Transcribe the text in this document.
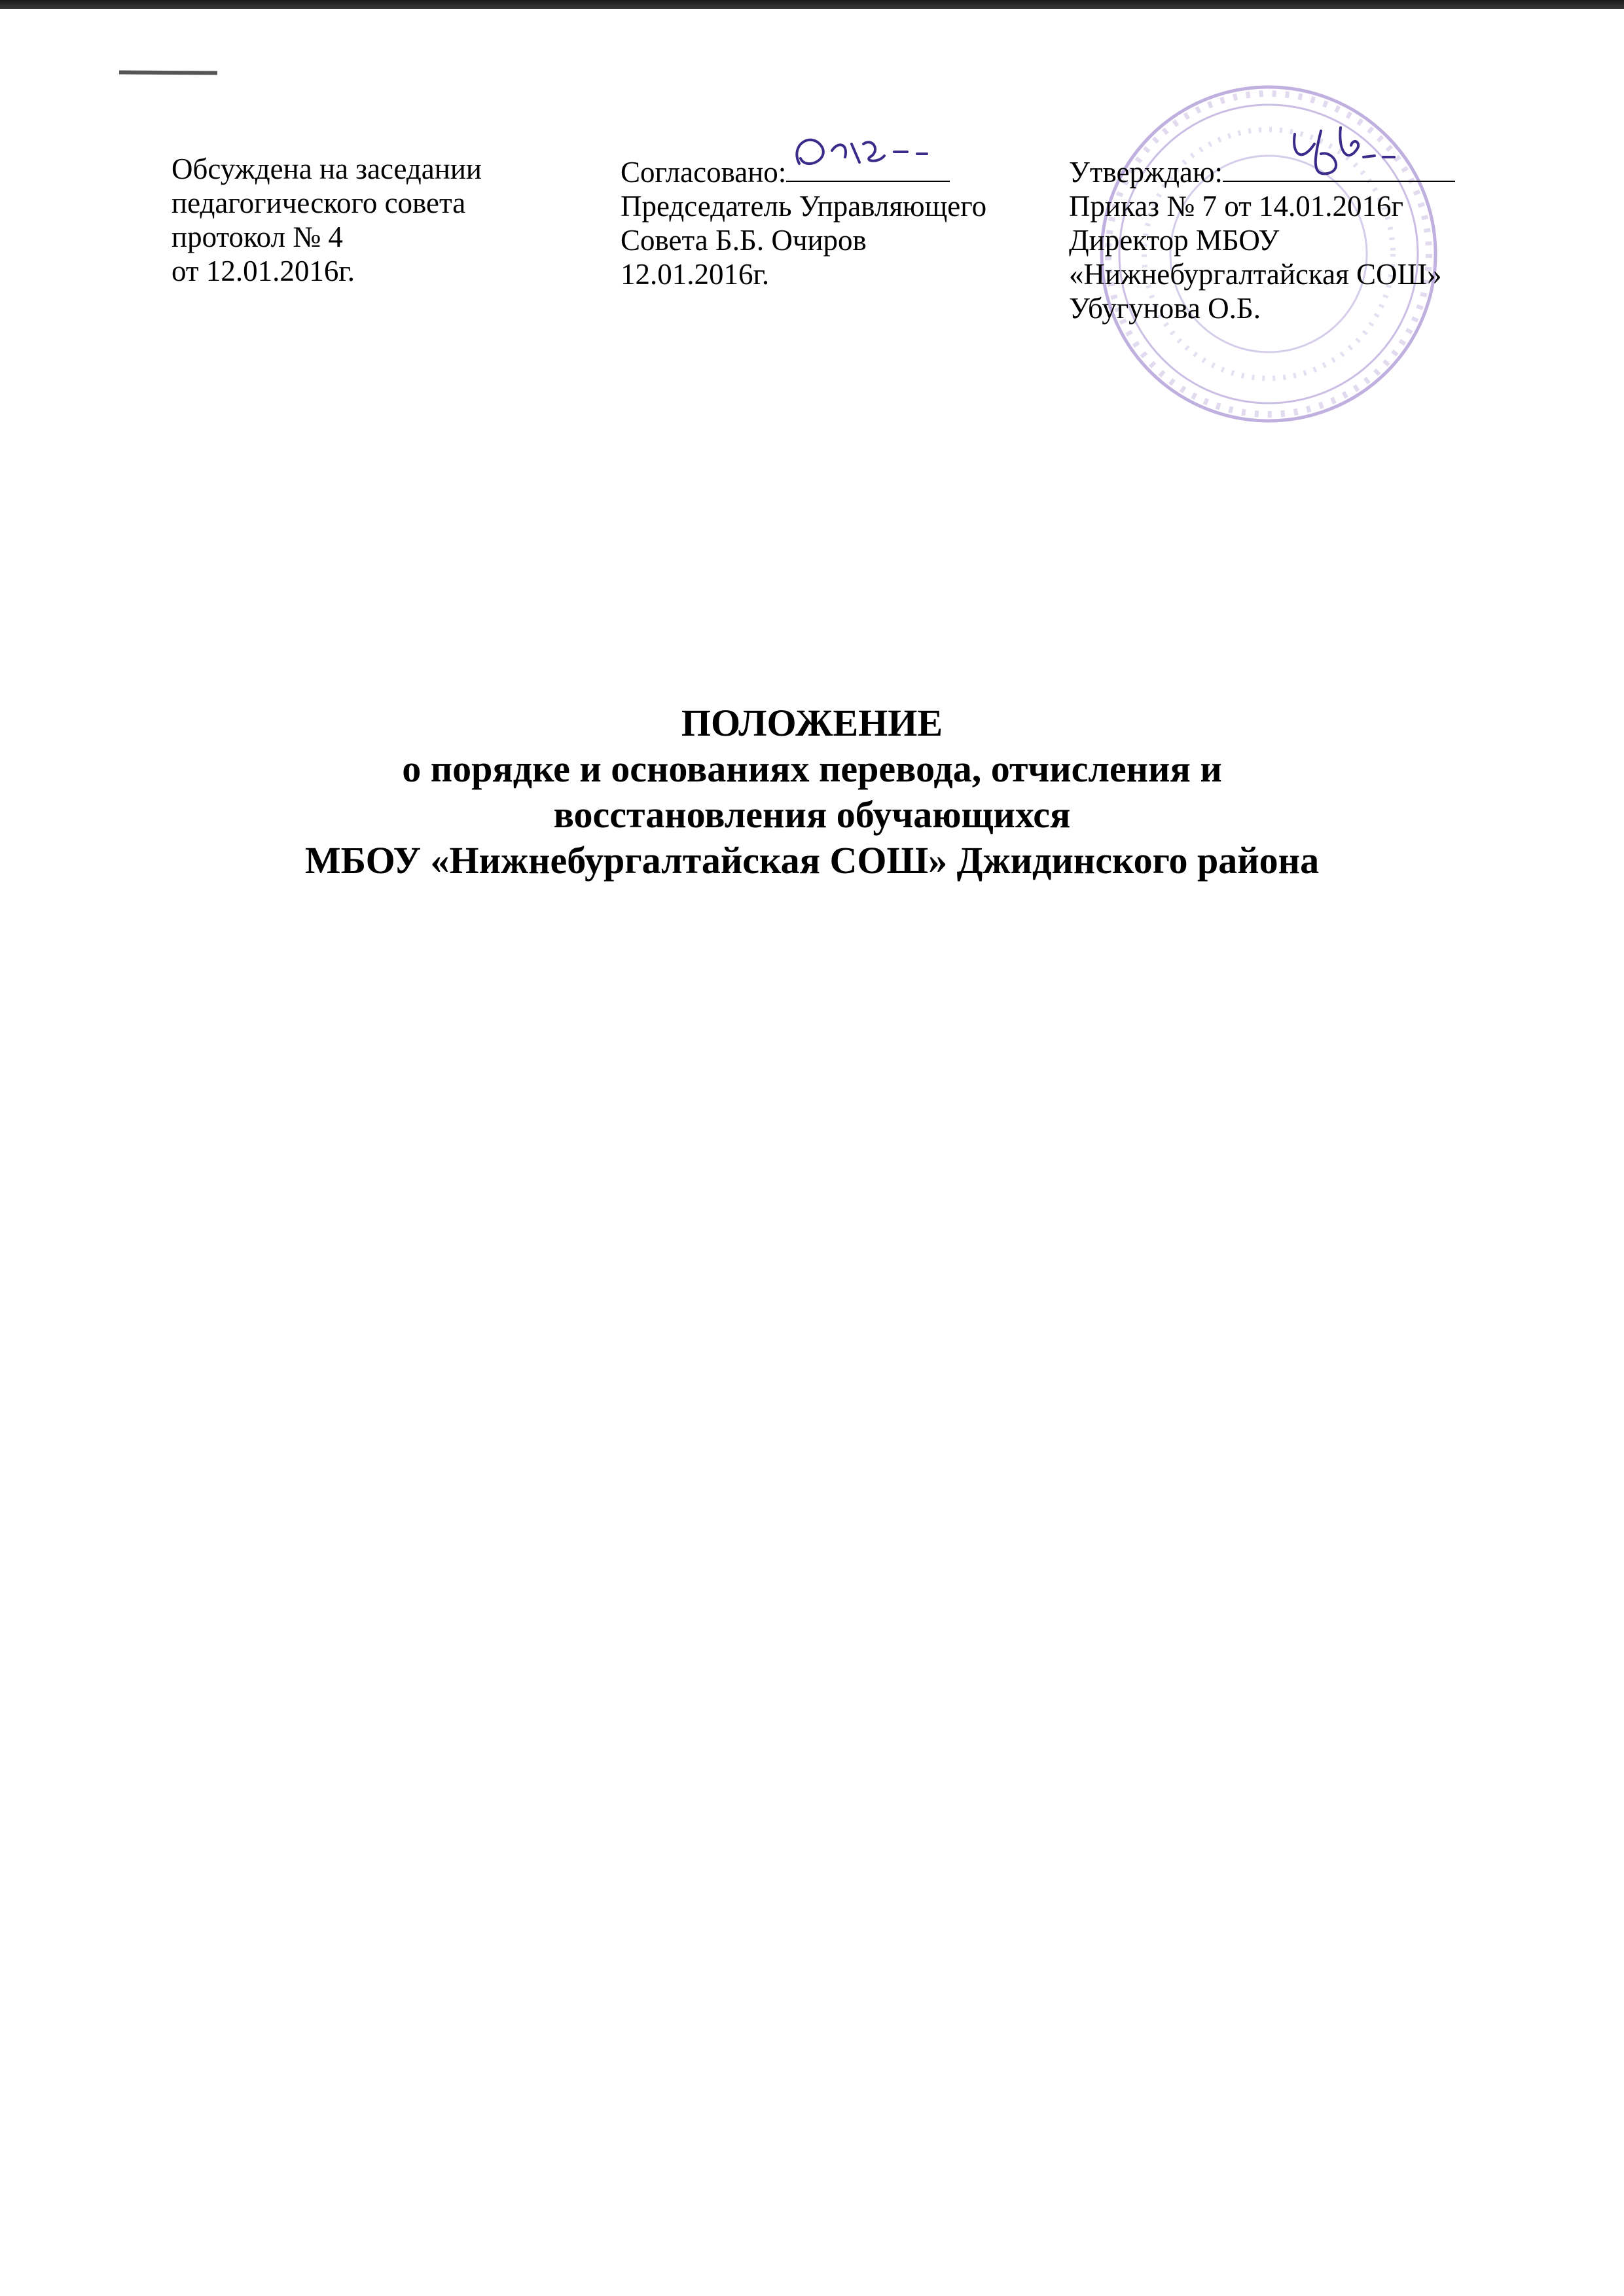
Обсуждена на заседании
педагогического совета
протокол № 4
от 12.01.2016г.
Согласовано:
Председатель Управляющего
Совета Б.Б. Очиров
12.01.2016г.
Утверждаю:
Приказ № 7 от 14.01.2016г
Директор МБОУ
«Нижнебургалтайская СОШ»
Убугунова О.Б.
ПОЛОЖЕНИЕ
о порядке и основаниях перевода, отчисления и
восстановления обучающихся
МБОУ «Нижнебургалтайская СОШ» Джидинского района
